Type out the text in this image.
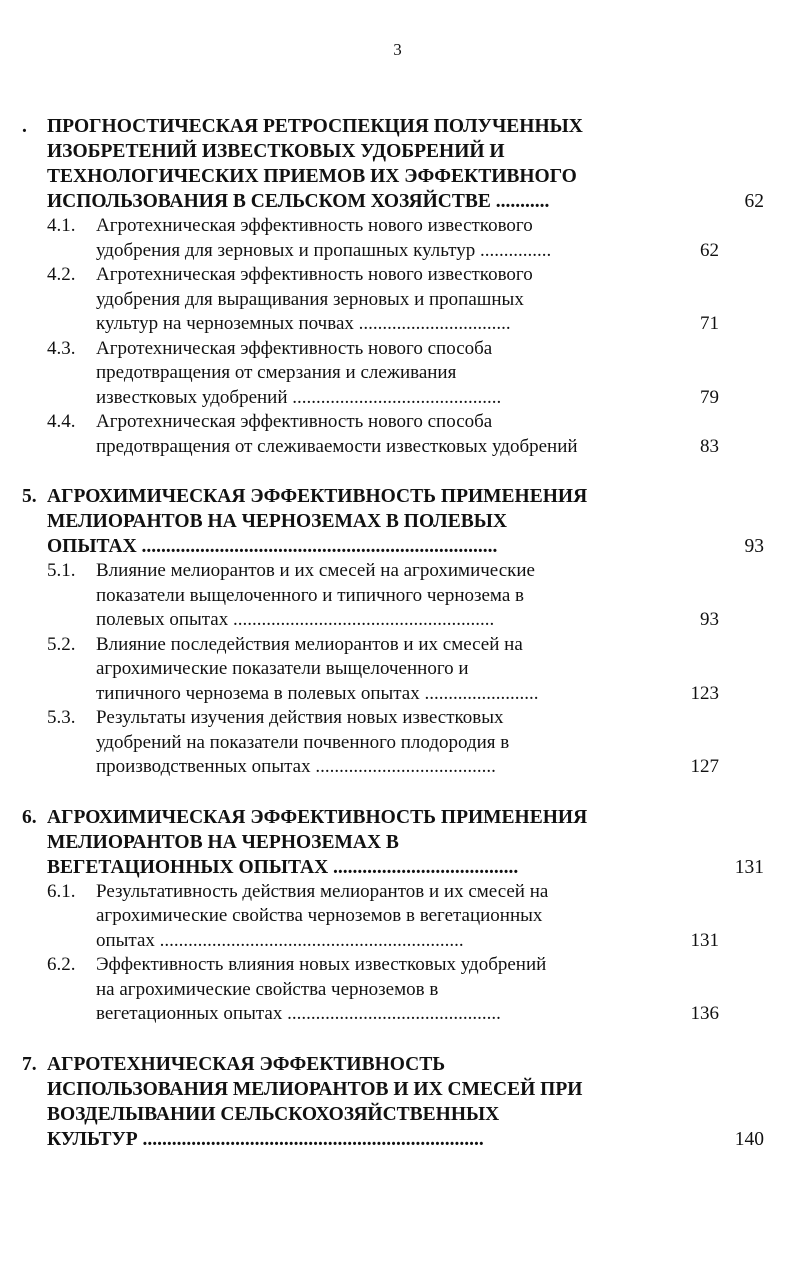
3
. ПРОГНОСТИЧЕСКАЯ РЕТРОСПЕКЦИЯ ПОЛУЧЕННЫХ
ИЗОБРЕТЕНИЙ ИЗВЕСТКОВЫХ УДОБРЕНИЙ И
ТЕХНОЛОГИЧЕСКИХ ПРИЕМОВ ИХ ЭФФЕКТИВНОГО
ИСПОЛЬЗОВАНИЯ В СЕЛЬСКОМ ХОЗЯЙСТВЕ ...........	62
4.1. Агротехническая эффективность нового известкового
удобрения для зерновых и пропашных культур ...............	62
4.2. Агротехническая эффективность нового известкового
удобрения для выращивания зерновых и пропашных
культур на черноземных почвах ................................	71
4.3. Агротехническая эффективность нового способа
предотвращения от смерзания и слеживания
известковых удобрений ............................................	79
4.4. Агротехническая эффективность нового способа
предотвращения от слеживаемости известковых удобрений	83
5. АГРОХИМИЧЕСКАЯ ЭФФЕКТИВНОСТЬ ПРИМЕНЕНИЯ
МЕЛИОРАНТОВ НА ЧЕРНОЗЕМАХ В ПОЛЕВЫХ
ОПЫТАХ .........................................................................	93
5.1. Влияние мелиорантов и их смесей на агрохимические
показатели выщелоченного и типичного чернозема в
полевых опытах .......................................................	93
5.2. Влияние последействия мелиорантов и их смесей на
агрохимические показатели выщелоченного и
типичного чернозема в полевых опытах ........................	123
5.3. Результаты изучения действия новых известковых
удобрений на показатели почвенного плодородия в
производственных опытах ......................................	127
6. АГРОХИМИЧЕСКАЯ ЭФФЕКТИВНОСТЬ ПРИМЕНЕНИЯ
МЕЛИОРАНТОВ НА ЧЕРНОЗЕМАХ В
ВЕГЕТАЦИОННЫХ ОПЫТАХ ......................................	131
6.1. Результативность действия мелиорантов и их смесей на
агрохимические свойства черноземов в вегетационных
опытах ................................................................	131
6.2. Эффективность влияния новых известковых удобрений
на агрохимические свойства черноземов в
вегетационных опытах .............................................	136
7. АГРОТЕХНИЧЕСКАЯ ЭФФЕКТИВНОСТЬ
ИСПОЛЬЗОВАНИЯ МЕЛИОРАНТОВ И ИХ СМЕСЕЙ ПРИ
ВОЗДЕЛЫВАНИИ СЕЛЬСКОХОЗЯЙСТВЕННЫХ
КУЛЬТУР ......................................................................	140
